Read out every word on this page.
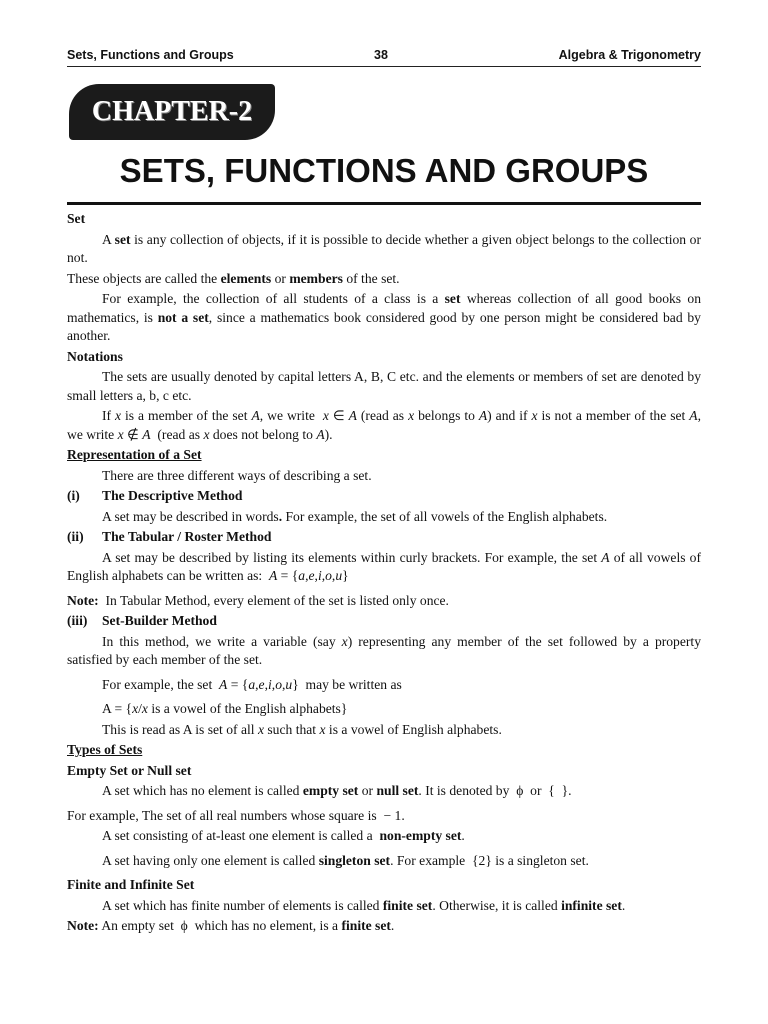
Sets, Functions and Groups	38	Algebra & Trigonometry
CHAPTER-2
SETS, FUNCTIONS AND GROUPS

Set

A set is any collection of objects, if it is possible to decide whether a given object belongs to the collection or not.

These objects are called the elements or members of the set.

For example, the collection of all students of a class is a set whereas collection of all good books on mathematics, is not a set, since a mathematics book considered good by one person might be considered bad by another.

Notations

The sets are usually denoted by capital letters A, B, C etc. and the elements or members of set are denoted by small letters a, b, c etc.

If x is a member of the set A, we write  x ∈ A (read as x belongs to A) and if x is not a member of the set A, we write x ∉ A  (read as x does not belong to A).

Representation of a Set

There are three different ways of describing a set.

(i) The Descriptive Method

A set may be described in words. For example, the set of all vowels of the English alphabets.

(ii) The Tabular / Roster Method

A set may be described by listing its elements within curly brackets. For example, the set A of all vowels of English alphabets can be written as:  A = {a,e,i,o,u}

Note:  In Tabular Method, every element of the set is listed only once.

(iii) Set-Builder Method

In this method, we write a variable (say x) representing any member of the set followed by a property satisfied by each member of the set.

For example, the set  A = {a,e,i,o,u}  may be written as

A = {x/x is a vowel of the English alphabets}

This is read as A is set of all x such that x is a vowel of English alphabets.

Types of Sets

Empty Set or Null set

A set which has no element is called empty set or null set. It is denoted by  ϕ  or  {  }.

For example, The set of all real numbers whose square is  − 1.

A set consisting of at-least one element is called a  non-empty set.

A set having only one element is called singleton set. For example  {2} is a singleton set.

Finite and Infinite Set

A set which has finite number of elements is called finite set. Otherwise, it is called infinite set.

Note: An empty set  ϕ  which has no element, is a finite set.
